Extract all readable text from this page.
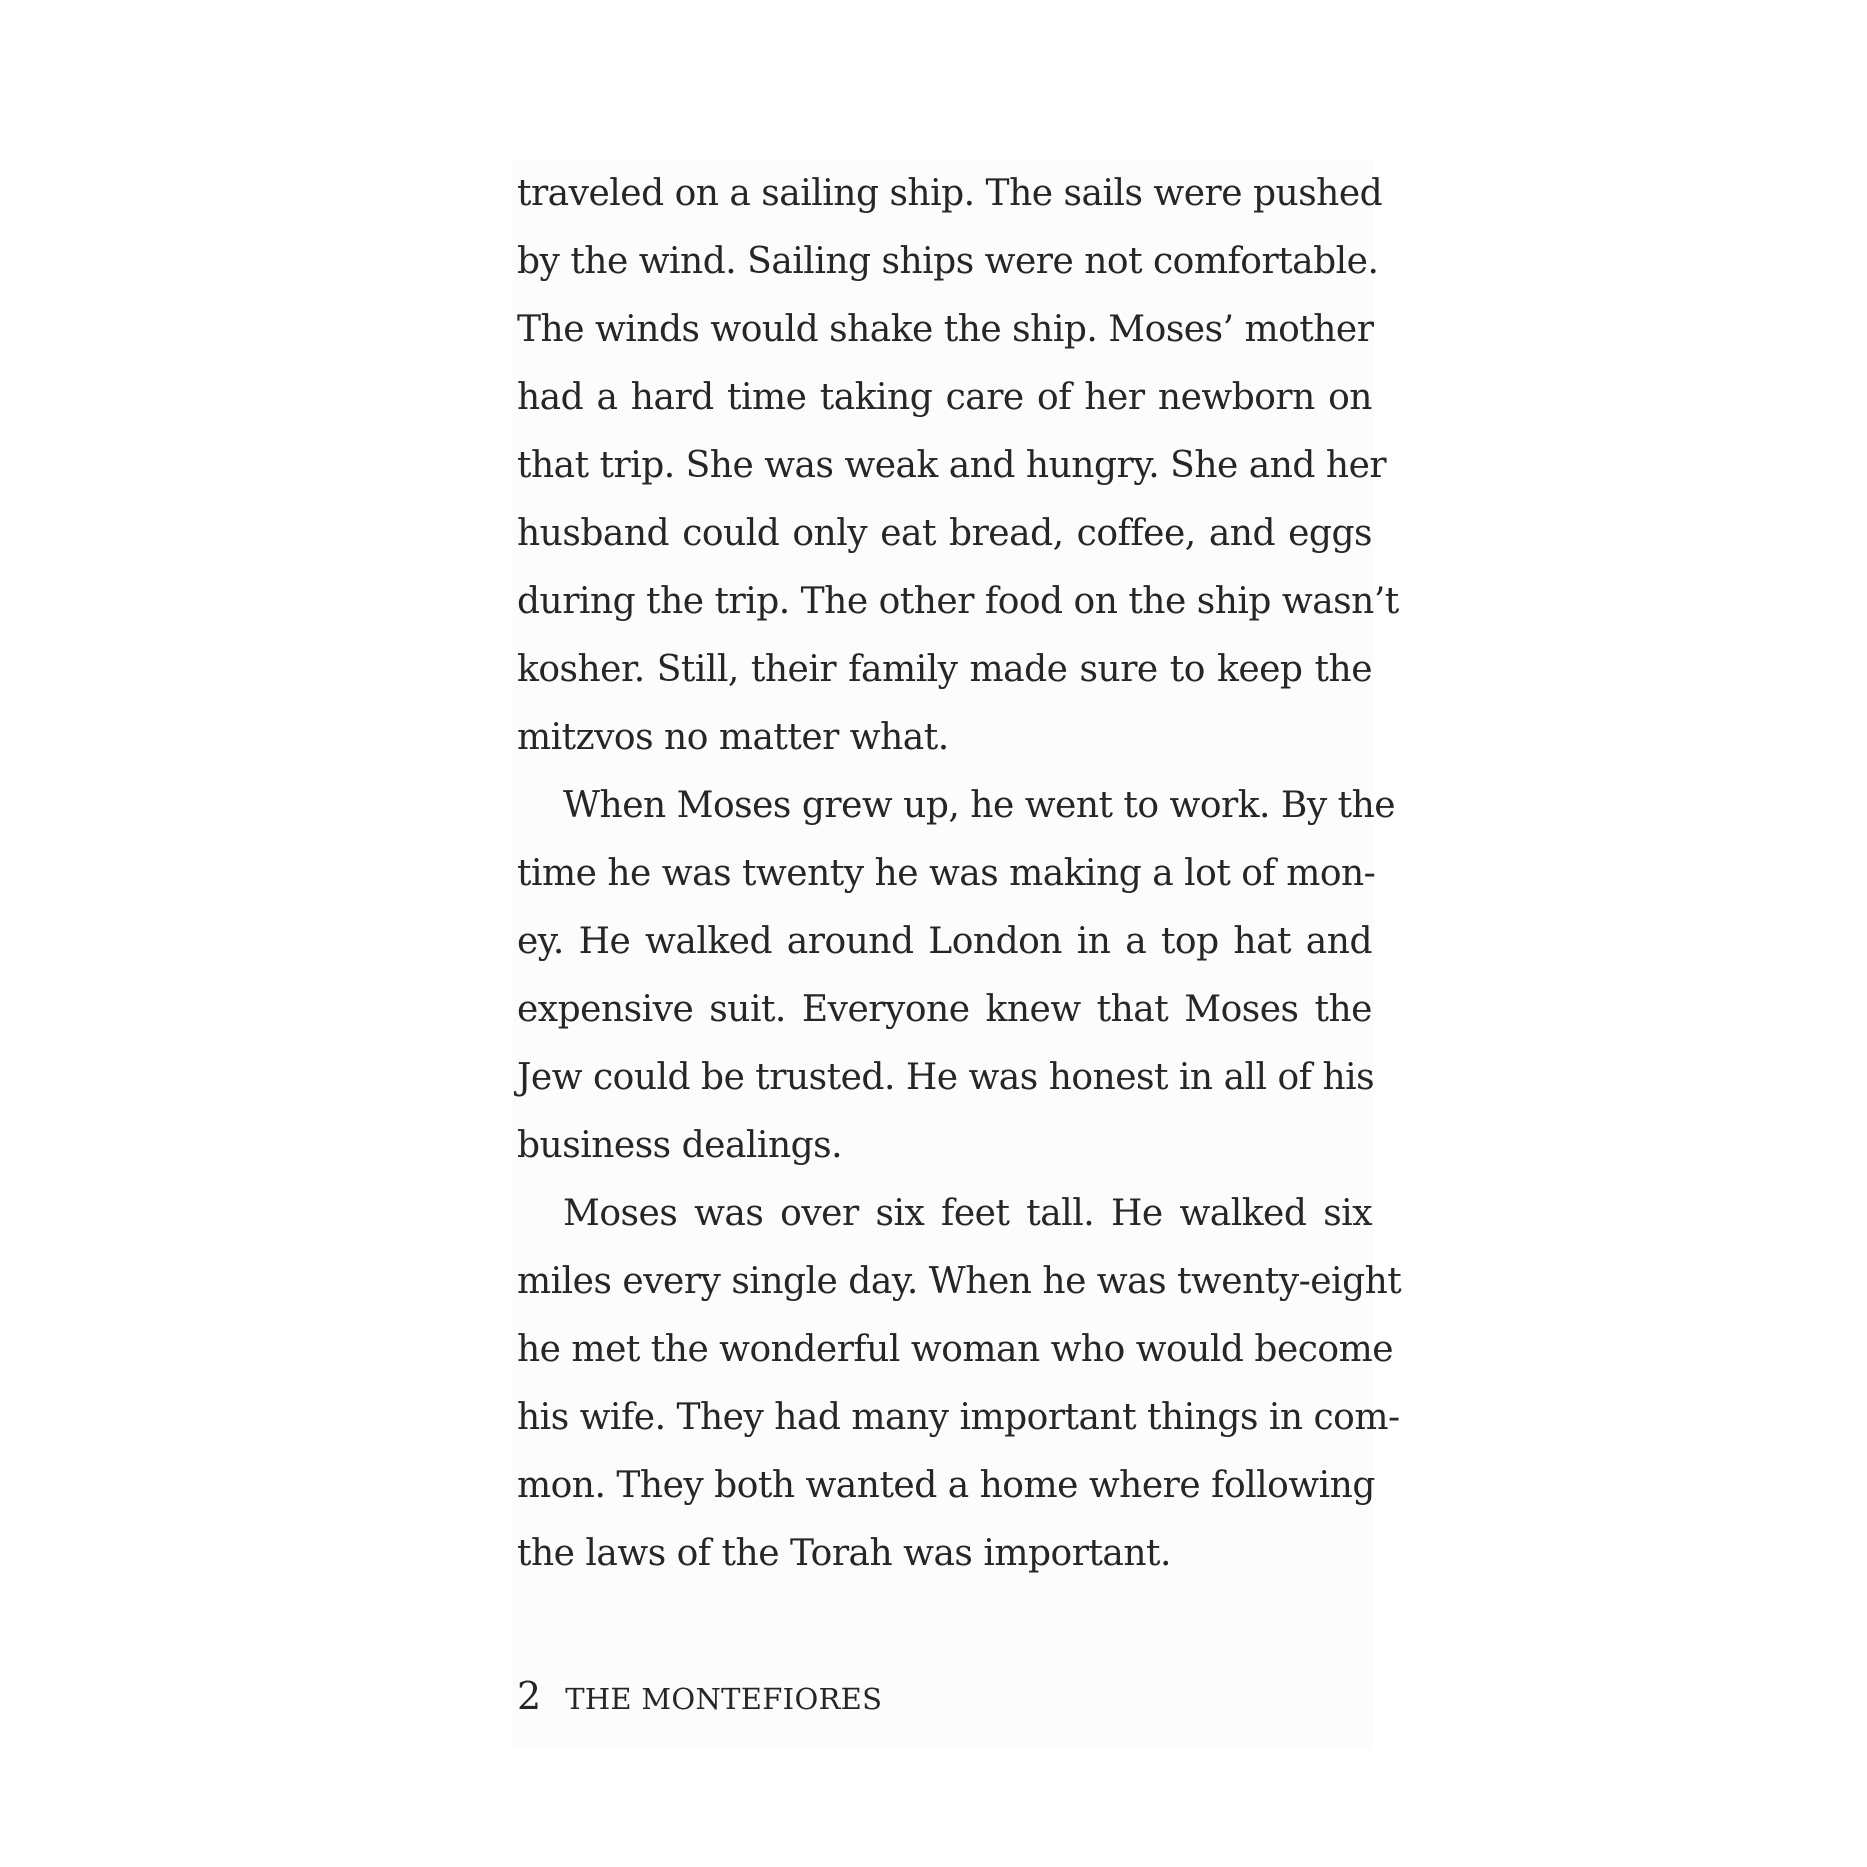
traveled on a sailing ship. The sails were pushed
by the wind. Sailing ships were not comfortable.
The winds would shake the ship. Moses’ mother
had a hard time taking care of her newborn on
that trip. She was weak and hungry. She and her
husband could only eat bread, coffee, and eggs
during the trip. The other food on the ship wasn’t
kosher. Still, their family made sure to keep the
mitzvos no matter what.
When Moses grew up, he went to work. By the
time he was twenty he was making a lot of mon-
ey. He walked around London in a top hat and
expensive suit. Everyone knew that Moses the
Jew could be trusted. He was honest in all of his
business dealings.
Moses was over six feet tall. He walked six
miles every single day. When he was twenty-eight
he met the wonderful woman who would become
his wife. They had many important things in com-
mon. They both wanted a home where following
the laws of the Torah was important.
2 THE MONTEFIORES
